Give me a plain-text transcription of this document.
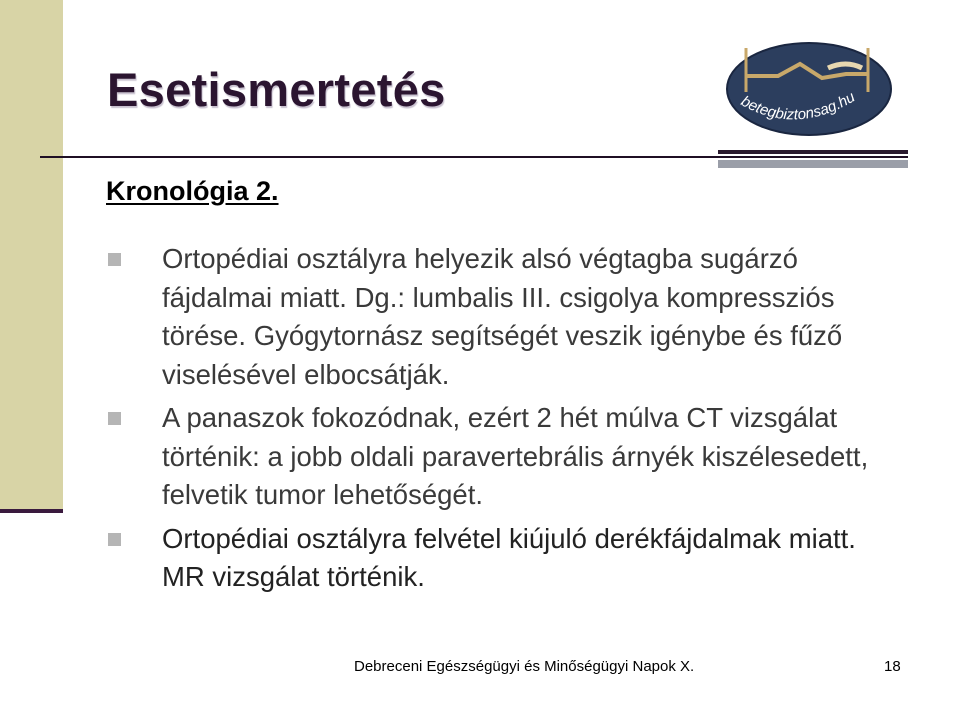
Esetismertetés	betegbiztonsag.hu
Kronológia 2.
Ortopédiai osztályra helyezik alsó végtagba sugárzó fájdalmai miatt. Dg.: lumbalis III. csigolya kompressziós törése. Gyógytornász segítségét veszik igénybe és fűző viselésével elbocsátják.
A panaszok fokozódnak, ezért 2 hét múlva CT vizsgálat történik: a jobb oldali paravertebrális árnyék kiszélesedett, felvetik tumor lehetőségét.
Ortopédiai osztályra felvétel kiújuló derékfájdalmak miatt. MR vizsgálat történik.
Debreceni Egészségügyi és Minőségügyi Napok X.	18
